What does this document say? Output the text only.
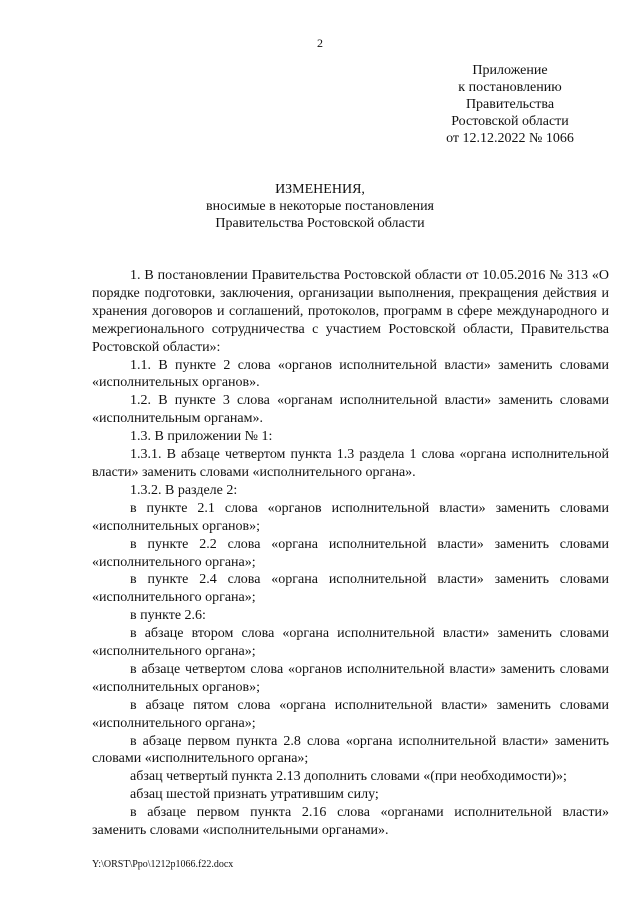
2
Приложение
к постановлению
Правительства
Ростовской области
от 12.12.2022 № 1066
ИЗМЕНЕНИЯ,
вносимые в некоторые постановления
Правительства Ростовской области

1. В постановлении Правительства Ростовской области от 10.05.2016 № 313 «О порядке подготовки, заключения, организации выполнения, прекращения действия и хранения договоров и соглашений, протоколов, программ в сфере международного и межрегионального сотрудничества с участием Ростовской области, Правительства Ростовской области»:

1.1. В пункте 2 слова «органов исполнительной власти» заменить словами «исполнительных органов».

1.2. В пункте 3 слова «органам исполнительной власти» заменить словами «исполнительным органам».

1.3. В приложении № 1:

1.3.1. В абзаце четвертом пункта 1.3 раздела 1 слова «органа исполнительной власти» заменить словами «исполнительного органа».

1.3.2. В разделе 2:

в пункте 2.1 слова «органов исполнительной власти» заменить словами «исполнительных органов»;

в пункте 2.2 слова «органа исполнительной власти» заменить словами «исполнительного органа»;

в пункте 2.4 слова «органа исполнительной власти» заменить словами «исполнительного органа»;

в пункте 2.6:

в абзаце втором слова «органа исполнительной власти» заменить словами «исполнительного органа»;

в абзаце четвертом слова «органов исполнительной власти» заменить словами «исполнительных органов»;

в абзаце пятом слова «органа исполнительной власти» заменить словами «исполнительного органа»;

в абзаце первом пункта 2.8 слова «органа исполнительной власти» заменить словами «исполнительного органа»;

абзац четвертый пункта 2.13 дополнить словами «(при необходимости)»;

абзац шестой признать утратившим силу;

в абзаце первом пункта 2.16 слова «органами исполнительной власти» заменить словами «исполнительными органами».

Y:\ORST\Ppo\1212p1066.f22.docx
